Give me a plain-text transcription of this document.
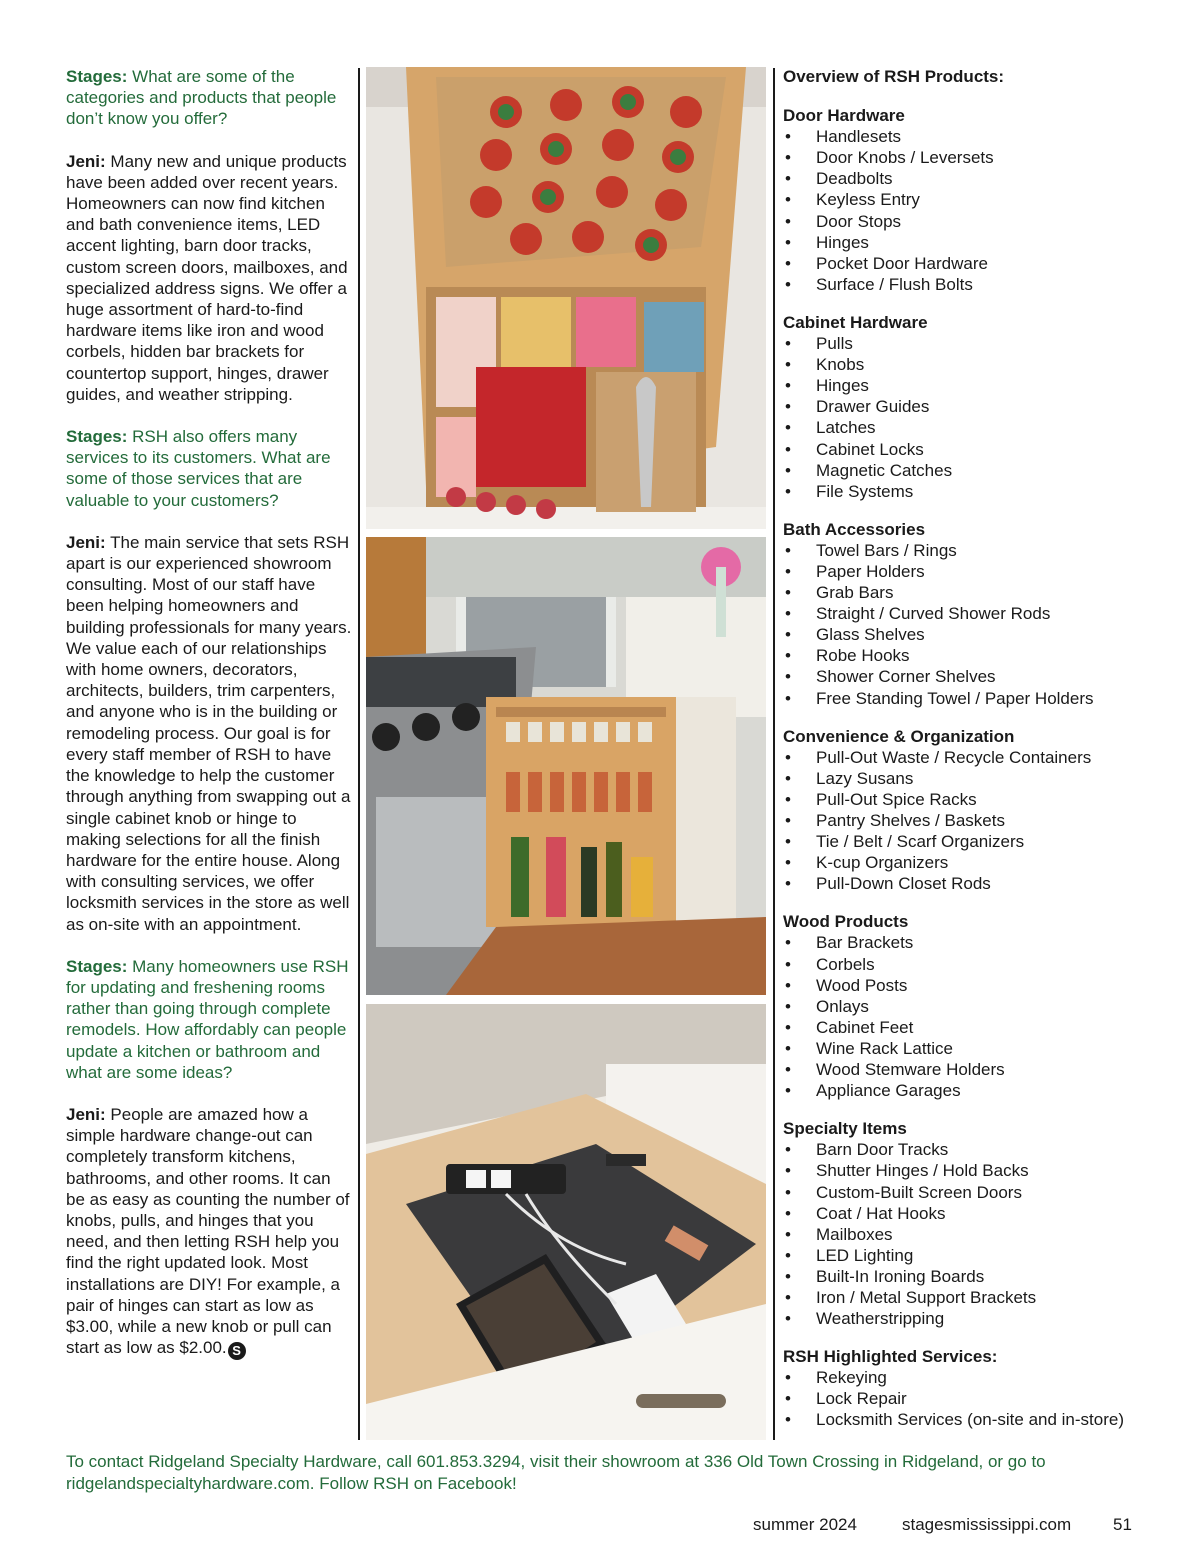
Stages: What are some of the categories and products that people don’t know you offer?
Jeni: Many new and unique products have been added over recent years. Homeowners can now find kitchen and bath convenience items, LED accent lighting, barn door tracks, custom screen doors, mailboxes, and specialized address signs. We offer a huge assortment of hard-to-find hardware items like iron and wood corbels, hidden bar brackets for countertop support, hinges, drawer guides, and weather stripping.
Stages: RSH also offers many services to its customers. What are some of those services that are valuable to your customers?
Jeni: The main service that sets RSH apart is our experienced showroom consulting. Most of our staff have been helping homeowners and building professionals for many years. We value each of our relationships with home owners, decorators, architects, builders, trim carpenters, and anyone who is in the building or remodeling process. Our goal is for every staff member of RSH to have the knowledge to help the customer through anything from swapping out a single cabinet knob or hinge to making selections for all the finish hardware for the entire house. Along with consulting services, we offer locksmith services in the store as well as on-site with an appointment.
Stages: Many homeowners use RSH for updating and freshening rooms rather than going through complete remodels. How affordably can people update a kitchen or bathroom and what are some ideas?
Jeni: People are amazed how a simple hardware change-out can completely transform kitchens, bathrooms, and other rooms. It can be as easy as counting the number of knobs, pulls, and hinges that you need, and then letting RSH help you find the right updated look. Most installations are DIY! For example, a pair of hinges can start as low as $3.00, while a new knob or pull can start as low as $2.00. S
Overview of RSH Products:
Door Hardware
• Handlesets
• Door Knobs / Leversets
• Deadbolts
• Keyless Entry
• Door Stops
• Hinges
• Pocket Door Hardware
• Surface / Flush Bolts
Cabinet Hardware
• Pulls
• Knobs
• Hinges
• Drawer Guides
• Latches
• Cabinet Locks
• Magnetic Catches
• File Systems
Bath Accessories
• Towel Bars / Rings
• Paper Holders
• Grab Bars
• Straight / Curved Shower Rods
• Glass Shelves
• Robe Hooks
• Shower Corner Shelves
• Free Standing Towel / Paper Holders
Convenience & Organization
• Pull-Out Waste / Recycle Containers
• Lazy Susans
• Pull-Out Spice Racks
• Pantry Shelves / Baskets
• Tie / Belt / Scarf Organizers
• K-cup Organizers
• Pull-Down Closet Rods
Wood Products
• Bar Brackets
• Corbels
• Wood Posts
• Onlays
• Cabinet Feet
• Wine Rack Lattice
• Wood Stemware Holders
• Appliance Garages
Specialty Items
• Barn Door Tracks
• Shutter Hinges / Hold Backs
• Custom-Built Screen Doors
• Coat / Hat Hooks
• Mailboxes
• LED Lighting
• Built-In Ironing Boards
• Iron / Metal Support Brackets
• Weatherstripping
RSH Highlighted Services:
• Rekeying
• Lock Repair
• Locksmith Services (on-site and in-store)
To contact Ridgeland Specialty Hardware, call 601.853.3294, visit their showroom at 336 Old Town Crossing in Ridgeland, or go to ridgelandspecialtyhardware.com. Follow RSH on Facebook!
summer 2024	stagesmississippi.com 51
